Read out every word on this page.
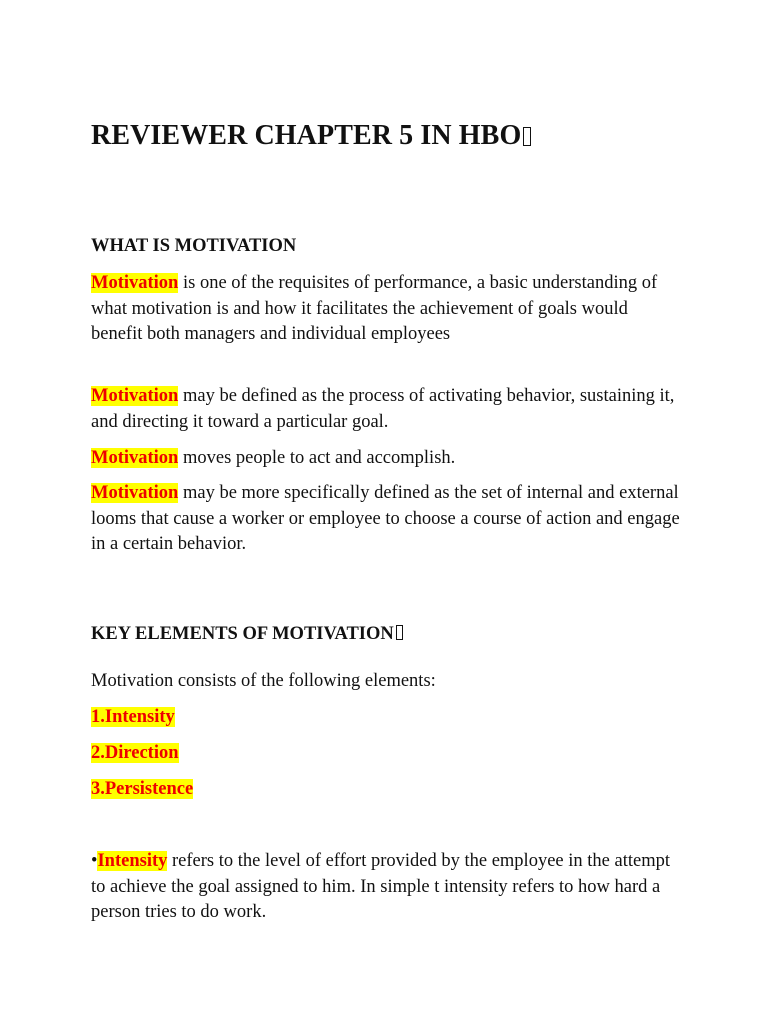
REVIEWER CHAPTER 5 IN HBO
WHAT IS MOTIVATION

Motivation is one of the requisites of performance, a basic understanding of what motivation is and how it facilitates the achievement of goals would benefit both managers and individual employees

Motivation may be defined as the process of activating behavior, sustaining it, and directing it toward a particular goal.

Motivation moves people to act and accomplish.

Motivation may be more specifically defined as the set of internal and external looms that cause a worker or employee to choose a course of action and engage in a certain behavior.

KEY ELEMENTS OF MOTIVATION

Motivation consists of the following elements:

1.Intensity

2.Direction

3.Persistence

•Intensity refers to the level of effort provided by the employee in the attempt to achieve the goal assigned to him. In simple t intensity refers to how hard a person tries to do work.
